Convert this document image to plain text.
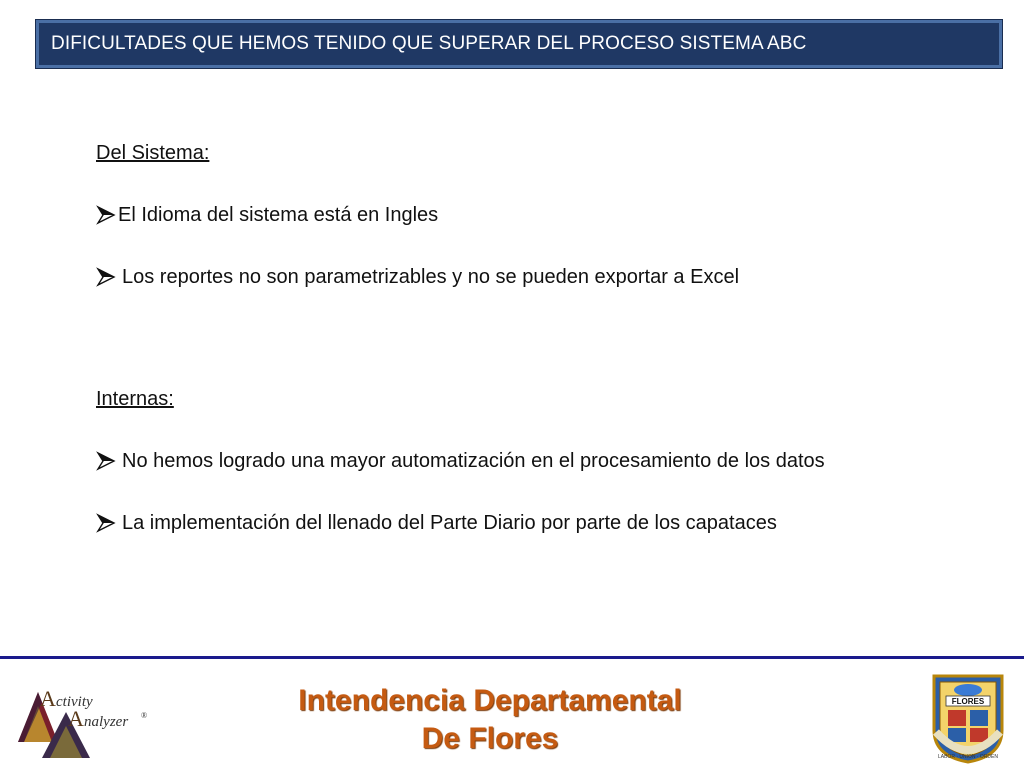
DIFICULTADES QUE HEMOS TENIDO QUE SUPERAR DEL PROCESO SISTEMA ABC
Del Sistema:
El Idioma del sistema está en Ingles
Los reportes no son parametrizables y no se pueden exportar a Excel
Internas:
No hemos logrado una mayor automatización en el procesamiento de los datos
La implementación del llenado del Parte Diario por parte de los capataces
A ctivity
A nalyzer ®	Intendencia Departamental
De Flores
FLORES
LABOR · UNION · ORDEN
